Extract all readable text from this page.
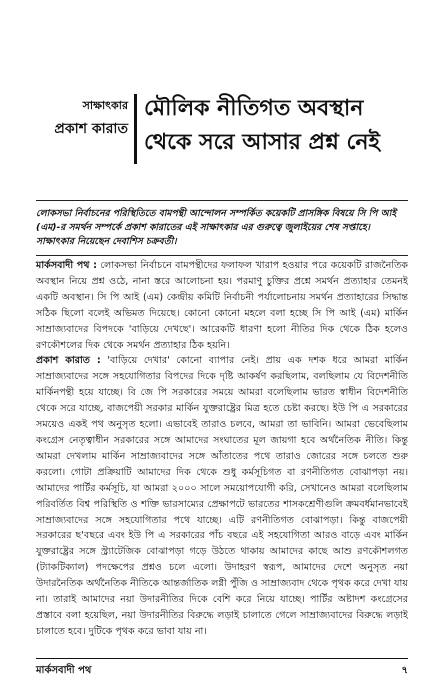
সাক্ষাৎকার
প্রকাশ কারাত
মৌলিক নীতিগত অবস্থান
থেকে সরে আসার প্রশ্ন নেই
লোকসভা নির্বাচনের পরিস্থিতিতে বামপন্থী আন্দোলন সম্পর্কিত কয়েকটি প্রাসঙ্গিক বিষয়ে সি পি আই (এম)-র সমর্থন সম্পর্কে প্রকাশ কারাতের এই সাক্ষাৎকার এর গুরুত্বে জুলাইয়ের শেষ সপ্তাহে। সাক্ষাৎকার নিয়েছেন দেবাশিস চক্রবর্তী।

মার্কসবাদী পথ : লোকসভা নির্বাচনে বামপন্থীদের ফলাফল খারাপ হওয়ার পরে কয়েকটি রাজনৈতিক অবস্থান নিয়ে প্রশ্ন ওঠে, নানা স্তরে আলোচনা হয়। পরমাণু চুক্তির প্রশ্নে সমর্থন প্রত্যাহার তেমনই একটি অবস্থান। সি পি আই (এম) কেন্দ্রীয় কমিটি নির্বাচনী পর্যালোচনায় সমর্থন প্রত্যাহারের সিদ্ধান্ত সঠিক ছিলো বলেই অভিমত দিয়েছে। কোনো কোনো মহলে বলা হচ্ছে সি পি আই (এম) মার্কিন সাম্রাজ্যবাদের বিপদকে 'বাড়িয়ে দেখছে'। আরেকটি ধারণা হলো নীতির দিক থেকে ঠিক হলেও রণকৌশলের দিক থেকে সমর্থন প্রত্যাহার ঠিক হয়নি।

প্রকাশ কারাত : 'বাড়িয়ে দেখার' কোনো ব্যাপার নেই। প্রায় এক দশক ধরে আমরা মার্কিন সাম্রাজ্যবাদের সঙ্গে সহযোগিতার বিপদের দিকে দৃষ্টি আকর্ষণ করছিলাম, বলছিলাম যে বিদেশনীতি মার্কিনপন্থী হয়ে যাচ্ছে। বি জে পি সরকারের সময়ে আমরা বলেছিলাম ভারত স্বাধীন বিদেশনীতি থেকে সরে যাচ্ছে, বাজপেয়ী সরকার মার্কিন যুক্তরাষ্ট্রের মিত্র হতে চেষ্টা করছে। ইউ পি এ সরকারের সময়েও একই পথ অনুসৃত হলো। এভাবেই তারাও চলবে, আমরা তা ভাবিনি। আমরা ভেবেছিলাম কংগ্রেস নেতৃত্বাধীন সরকারের সঙ্গে আমাদের সংঘাতের মূল জায়গা হবে অর্থনৈতিক নীতি। কিন্তু আমরা দেখলাম মার্কিন সাম্রাজ্যবাদের সঙ্গে আঁতাতের পথে তারাও জোরের সঙ্গে চলতে শুরু করলো। গোটা প্রক্রিয়াটি আমাদের দিক থেকে শুধু কর্মসূচিগত বা রণনীতিগত বোঝাপড়া নয়। আমাদের পার্টির কর্মসূচি, যা আমরা ২০০০ সালে সময়োপযোগী করি, সেখানেও আমরা বলেছিলাম পরিবর্তিত বিশ্ব পরিস্থিতি ও শক্তি ভারসাম্যের প্রেক্ষাপটে ভারতের শাসকশ্রেণীগুলি ক্রমবর্ধমানভাবেই সাম্রাজ্যবাদের সঙ্গে সহযোগিতার পথে যাচ্ছে। এটি রণনীতিগত বোঝাপড়া। কিন্তু বাজপেয়ী সরকারের ছ'বছরে এবং ইউ পি এ সরকারের পাঁচ বছরে এই সহযোগিতা আরও বাড়ে এবং মার্কিন যুক্তরাষ্ট্রের সঙ্গে স্ট্র্যাটেজিক বোঝাপড়া গড়ে উঠতে থাকায় আমাদের কাছে আশু রণকৌশলগত (ট্যাকটিক্যাল) পদক্ষেপের প্রশ্নও চলে এলো। উদাহরণ স্বরূপ, আমাদের দেশে অনুসৃত নয়া উদারনৈতিক অর্থনৈতিক নীতিকে আন্তর্জাতিক লগ্নী পুঁজি ও সাম্রাজ্যবাদ থেকে পৃথক করে দেখা যায় না। তারাই আমাদের নয়া উদারনীতির দিকে বেশি করে নিয়ে যাচ্ছে। পার্টির অষ্টাদশ কংগ্রেসের প্রস্তাবে বলা হয়েছিল, নয়া উদারনীতির বিরুদ্ধে লড়াই চালাতে গেলে সাম্রাজ্যবাদের বিরুদ্ধে লড়াই চালাতে হবে। দুটিকে পৃথক করে ভাবা যায় না।

মার্কসবাদী পথ	৭
